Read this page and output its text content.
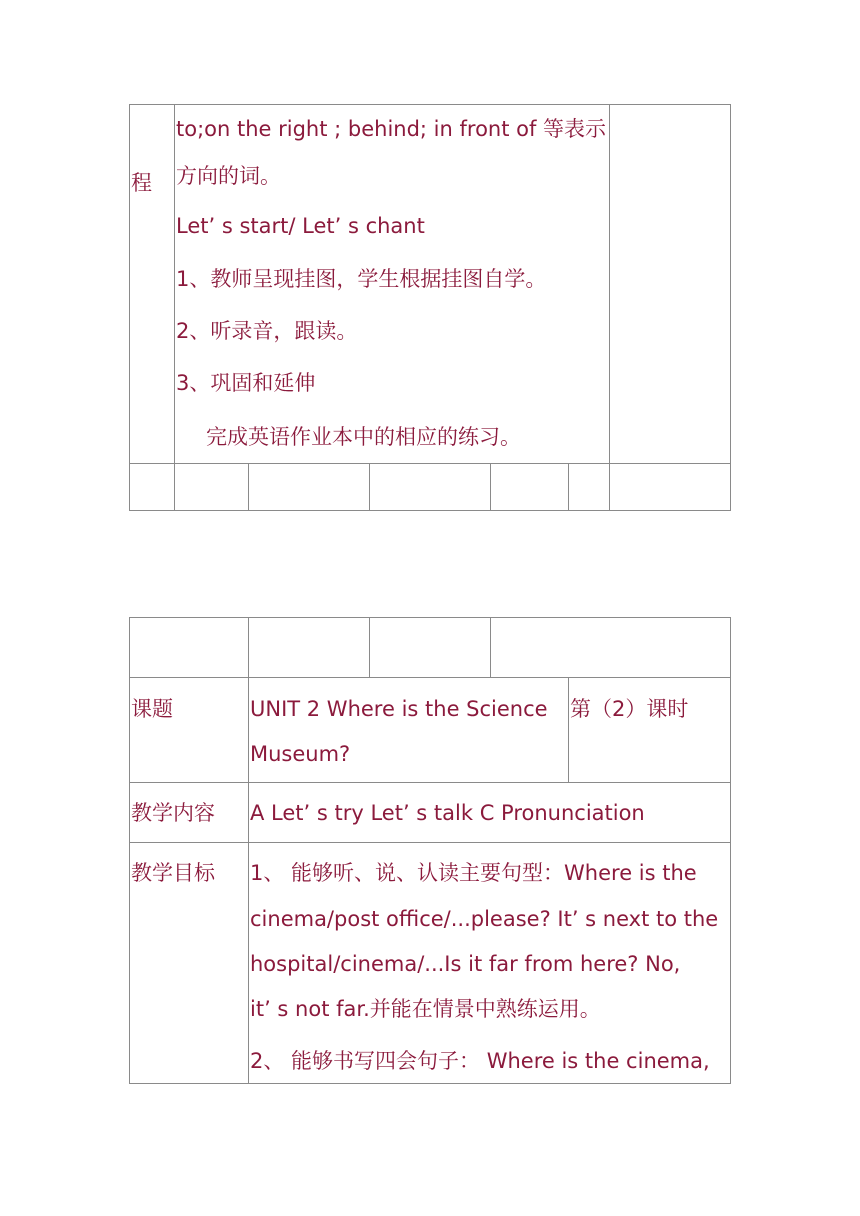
程
to;on the right ; behind; in front of 等表示
方向的词。
Let’ s start/ Let’ s chant
1、教师呈现挂图，学生根据挂图自学。
2、听录音，跟读。
3、巩固和延伸
完成英语作业本中的相应的练习。
课题	UNIT 2 Where is the Science
Museum?
第（2）课时
教学内容 A Let’ s try Let’ s talk C Pronunciation
教学目标 1、 能够听、说、认读主要句型：Where is the
cinema/post office/...please? It’ s next to the
hospital/cinema/...Is it far from here? No,
it’ s not far.并能在情景中熟练运用。
2、 能够书写四会句子： Where is the cinema,
